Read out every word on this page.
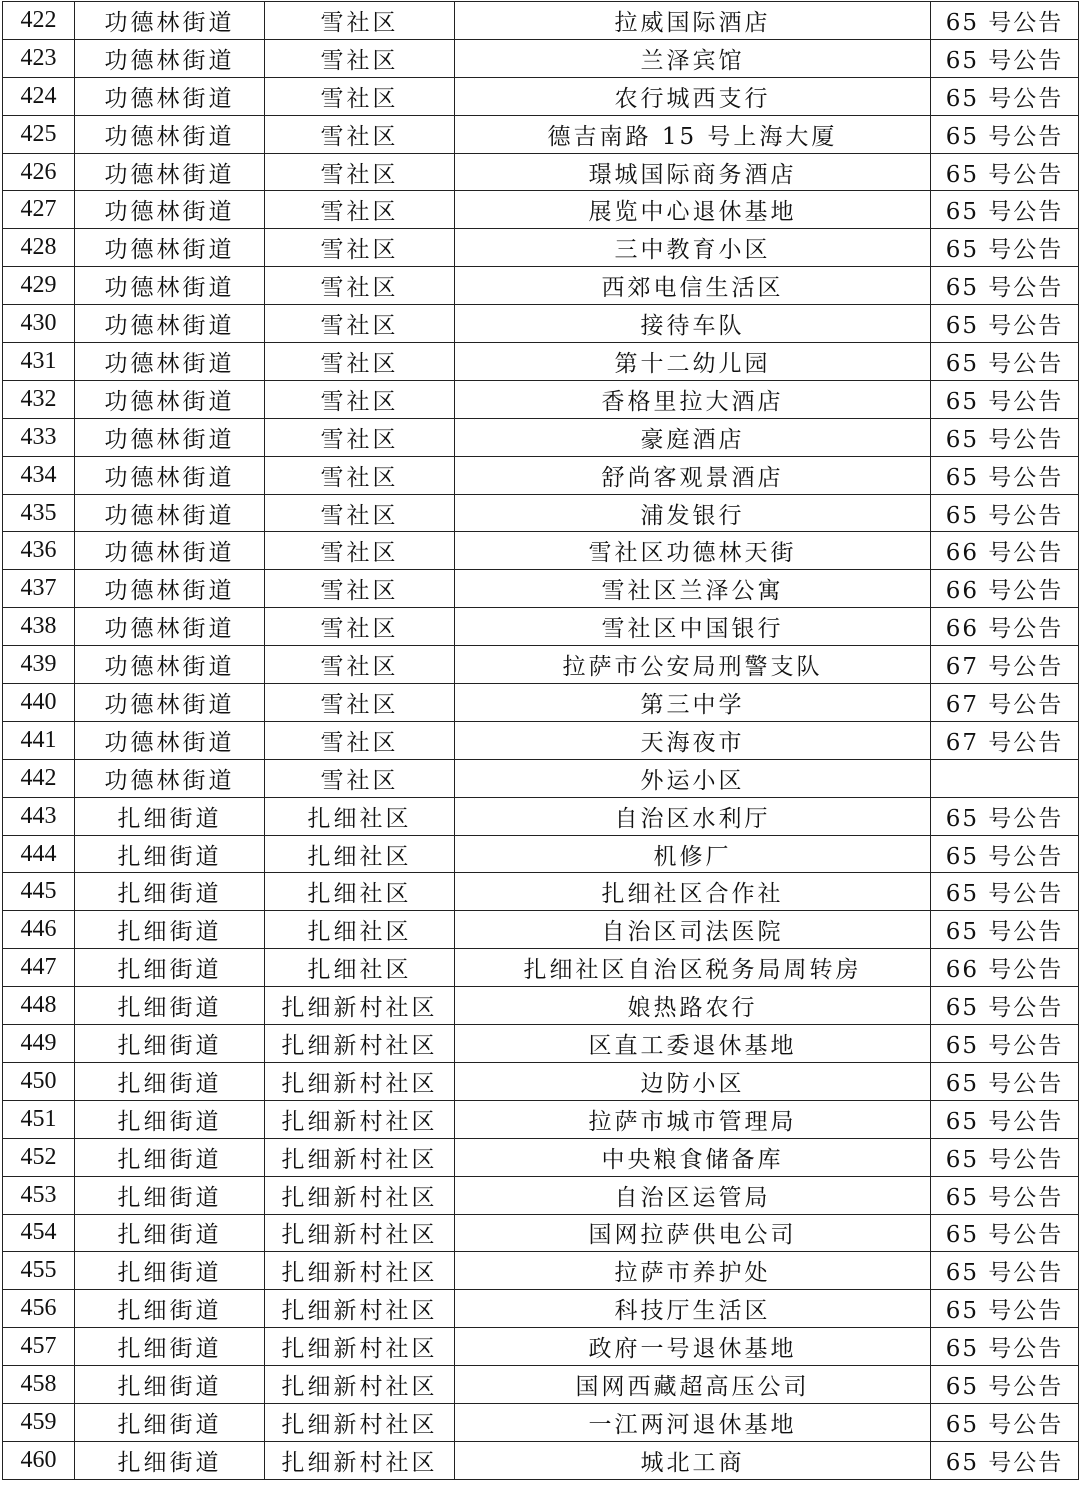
422	功德林街道	雪社区	拉威国际酒店	65 号公告
423	功德林街道	雪社区	兰泽宾馆	65 号公告
424	功德林街道	雪社区	农行城西支行	65 号公告
425	功德林街道	雪社区	德吉南路 15 号上海大厦	65 号公告
426	功德林街道	雪社区	璟城国际商务酒店	65 号公告
427	功德林街道	雪社区	展览中心退休基地	65 号公告
428	功德林街道	雪社区	三中教育小区	65 号公告
429	功德林街道	雪社区	西郊电信生活区	65 号公告
430	功德林街道	雪社区	接待车队	65 号公告
431	功德林街道	雪社区	第十二幼儿园	65 号公告
432	功德林街道	雪社区	香格里拉大酒店	65 号公告
433	功德林街道	雪社区	豪庭酒店	65 号公告
434	功德林街道	雪社区	舒尚客观景酒店	65 号公告
435	功德林街道	雪社区	浦发银行	65 号公告
436	功德林街道	雪社区	雪社区功德林天街	66 号公告
437	功德林街道	雪社区	雪社区兰泽公寓	66 号公告
438	功德林街道	雪社区	雪社区中国银行	66 号公告
439	功德林街道	雪社区	拉萨市公安局刑警支队	67 号公告
440	功德林街道	雪社区	第三中学	67 号公告
441	功德林街道	雪社区	天海夜市	67 号公告
442	功德林街道	雪社区	外运小区	
443	扎细街道	扎细社区	自治区水利厅	65 号公告
444	扎细街道	扎细社区	机修厂	65 号公告
445	扎细街道	扎细社区	扎细社区合作社	65 号公告
446	扎细街道	扎细社区	自治区司法医院	65 号公告
447	扎细街道	扎细社区	扎细社区自治区税务局周转房	66 号公告
448	扎细街道	扎细新村社区	娘热路农行	65 号公告
449	扎细街道	扎细新村社区	区直工委退休基地	65 号公告
450	扎细街道	扎细新村社区	边防小区	65 号公告
451	扎细街道	扎细新村社区	拉萨市城市管理局	65 号公告
452	扎细街道	扎细新村社区	中央粮食储备库	65 号公告
453	扎细街道	扎细新村社区	自治区运管局	65 号公告
454	扎细街道	扎细新村社区	国网拉萨供电公司	65 号公告
455	扎细街道	扎细新村社区	拉萨市养护处	65 号公告
456	扎细街道	扎细新村社区	科技厅生活区	65 号公告
457	扎细街道	扎细新村社区	政府一号退休基地	65 号公告
458	扎细街道	扎细新村社区	国网西藏超高压公司	65 号公告
459	扎细街道	扎细新村社区	一江两河退休基地	65 号公告
460	扎细街道	扎细新村社区	城北工商	65 号公告
